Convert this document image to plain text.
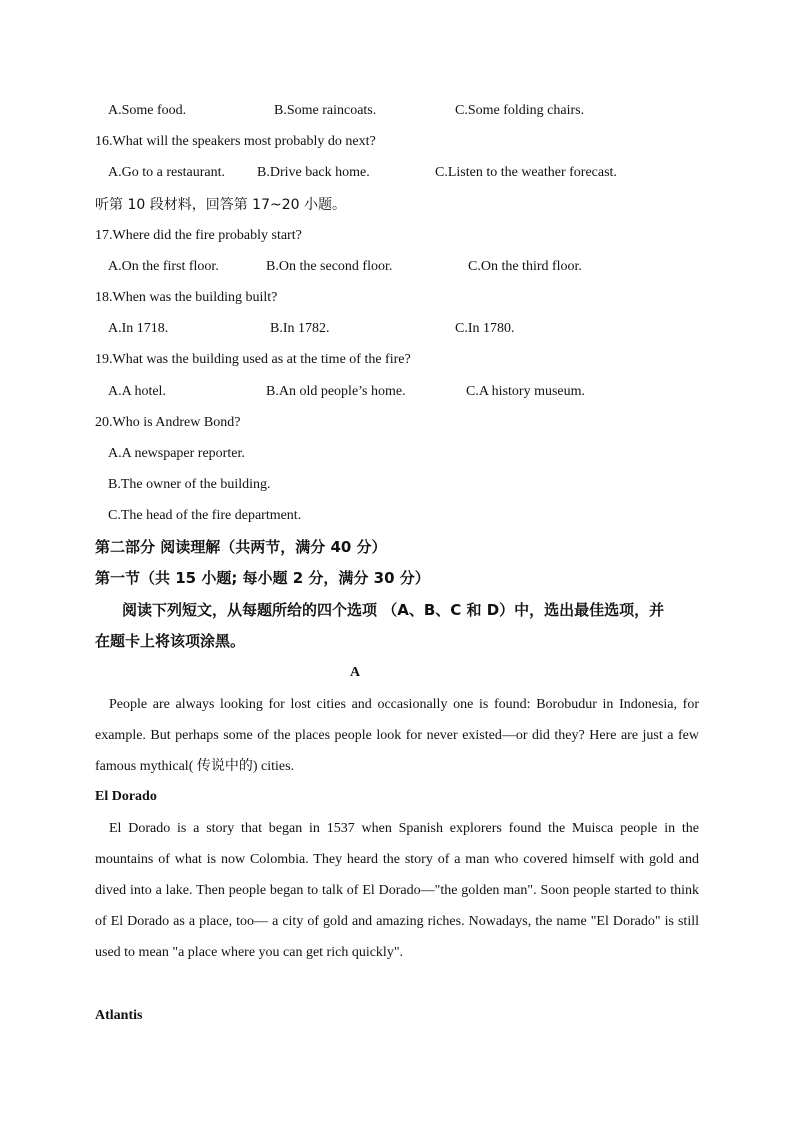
A.Some food.	B.Some raincoats.	C.Some folding chairs.
16.What will the speakers most probably do next?
A.Go to a restaurant. B.Drive back home.	C.Listen to the weather forecast.
听第 10 段材料，回答第 17~20 小题。
17.Where did the fire probably start?
A.On the first floor.	B.On the second floor.	C.On the third floor.
18.When was the building built?
A.In 1718.	B.In 1782.	C.In 1780.
19.What was the building used as at the time of the fire?
A.A hotel.	B.An old people’s home.	C.A history museum.
20.Who is Andrew Bond?
A.A newspaper reporter.
B.The owner of the building.
C.The head of the fire department.
第二部分 阅读理解（共两节，满分 40 分）
第一节（共 15 小题; 每小题 2 分，满分 30 分）
阅读下列短文，从每题所给的四个选项 （A、B、C 和 D）中，选出最佳选项，并
在题卡上将该项涂黑。
A

People are always looking for lost cities and occasionally one is found: Borobudur in Indonesia, for example. But perhaps some of the places people look for never existed—or did they? Here are just a few famous mythical( 传说中的) cities.

El Dorado

El Dorado is a story that began in 1537 when Spanish explorers found the Muisca people in the mountains of what is now Colombia. They heard the story of a man who covered himself with gold and dived into a lake. Then people began to talk of El Dorado—"the golden man". Soon people started to think of El Dorado as a place, too— a city of gold and amazing riches. Nowadays, the name "El Dorado" is still used to mean "a place where you can get rich quickly".

Atlantis
